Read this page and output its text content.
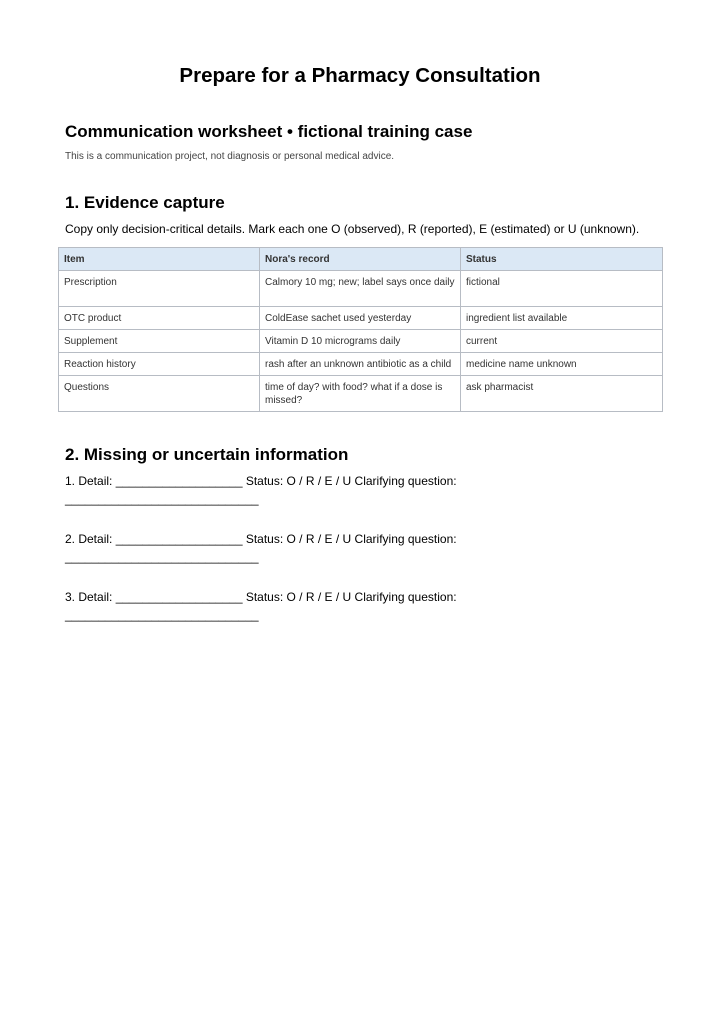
Prepare for a Pharmacy Consultation
Communication worksheet • fictional training case

This is a communication project, not diagnosis or personal medical advice.

1. Evidence capture

Copy only decision-critical details. Mark each one O (observed), R (reported), E (estimated) or U (unknown).

Item	Nora's record	Status
Prescription	Calmory 10 mg; new; label says once daily	fictional
OTC product	ColdEase sachet used yesterday	ingredient list available
Supplement	Vitamin D 10 micrograms daily	current
Reaction history	rash after an unknown antibiotic as a child	medicine name unknown
Questions	time of day? with food? what if a dose is missed?	ask pharmacist
2. Missing or uncertain information

1. Detail: ___________________ Status: O / R / E / U Clarifying question:
_____________________________

2. Detail: ___________________ Status: O / R / E / U Clarifying question:
_____________________________

3. Detail: ___________________ Status: O / R / E / U Clarifying question:
_____________________________
